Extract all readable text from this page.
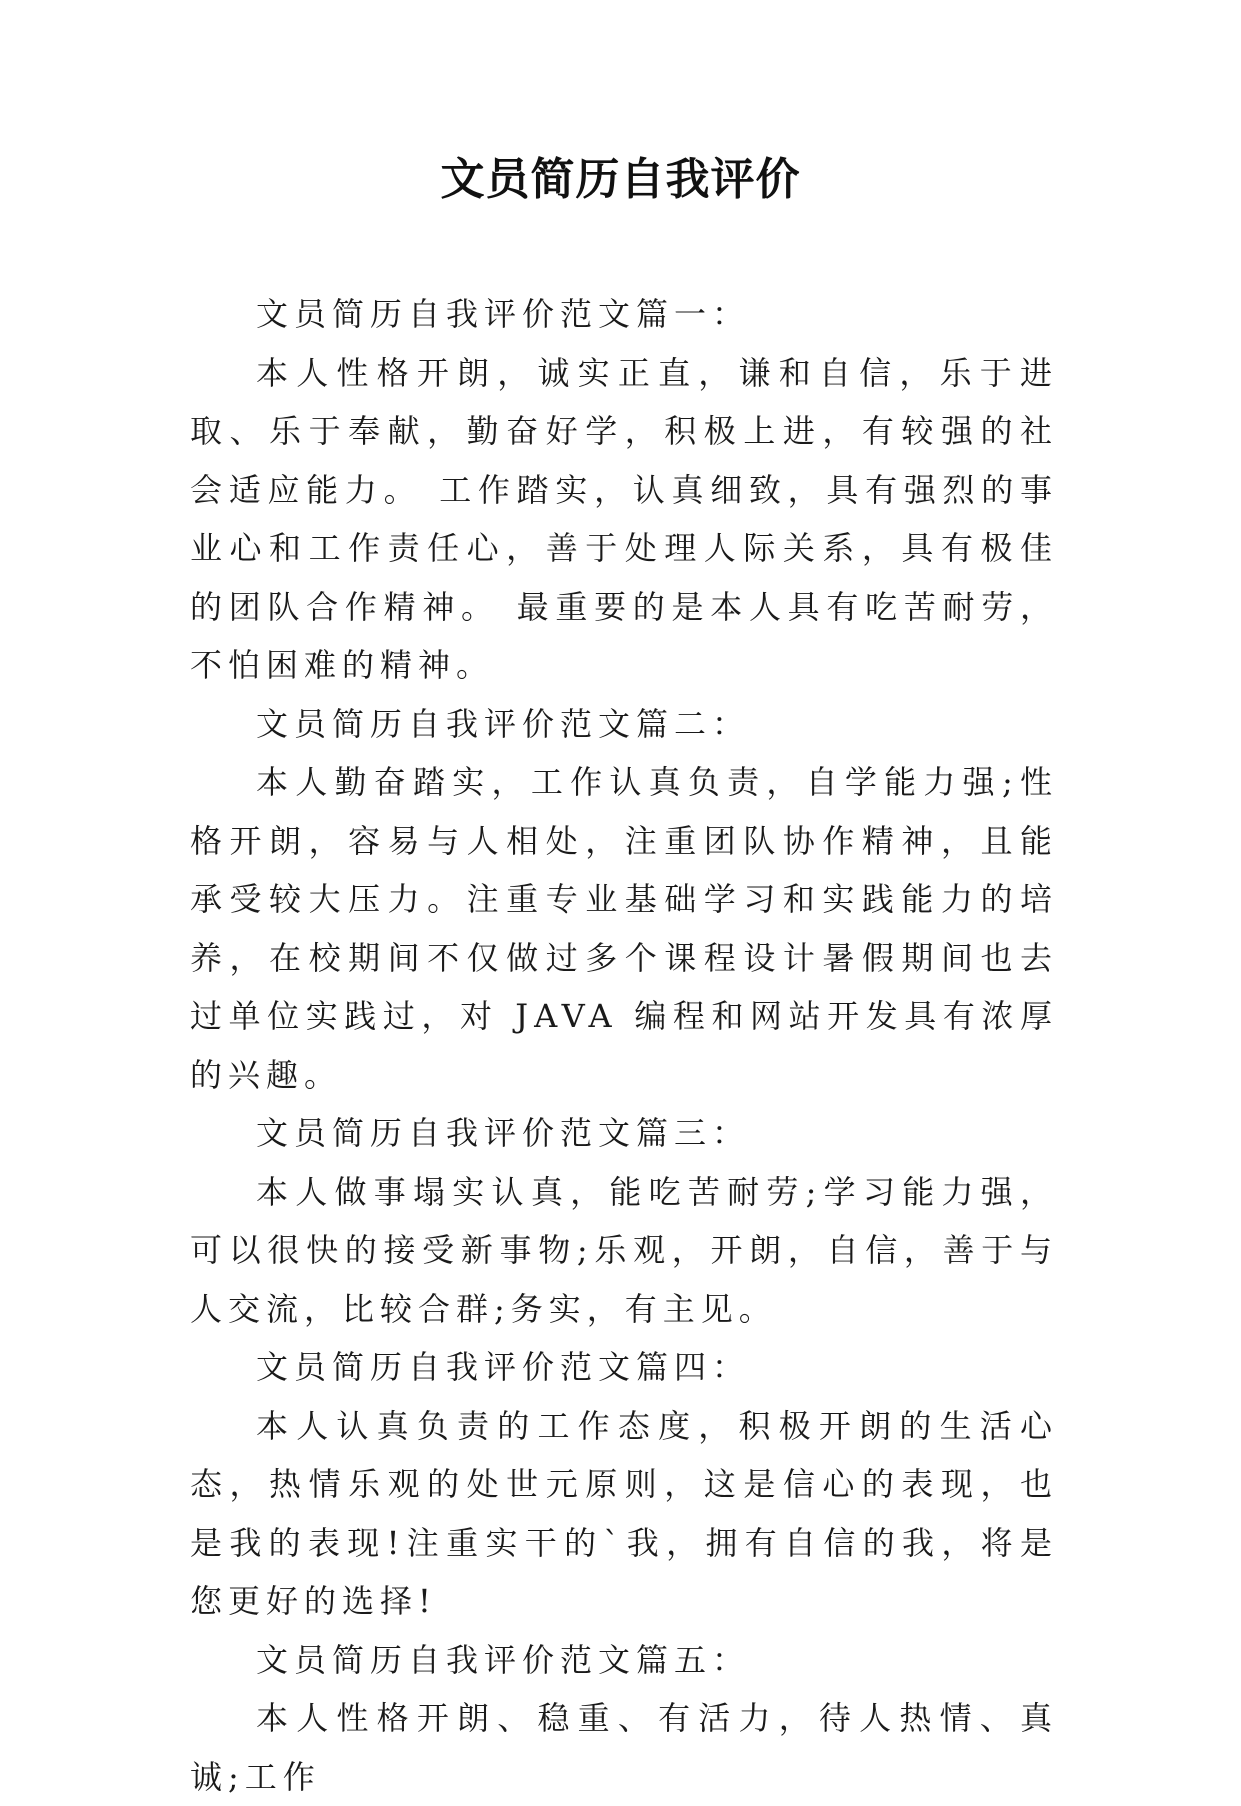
文员简历自我评价

文员简历自我评价范文篇一：

本人性格开朗，诚实正直，谦和自信，乐于进取、乐于奉献，勤奋好学，积极上进，有较强的社会适应能力。 工作踏实，认真细致，具有强烈的事业心和工作责任心，善于处理人际关系，具有极佳的团队合作精神。 最重要的是本人具有吃苦耐劳，不怕困难的精神。

文员简历自我评价范文篇二：

本人勤奋踏实，工作认真负责，自学能力强;性格开朗，容易与人相处，注重团队协作精神，且能承受较大压力。注重专业基础学习和实践能力的培养，在校期间不仅做过多个课程设计暑假期间也去过单位实践过，对 JAVA 编程和网站开发具有浓厚的兴趣。

文员简历自我评价范文篇三：

本人做事塌实认真，能吃苦耐劳;学习能力强，可以很快的接受新事物;乐观，开朗，自信，善于与人交流，比较合群;务实，有主见。

文员简历自我评价范文篇四：

本人认真负责的工作态度，积极开朗的生活心态，热情乐观的处世元原则，这是信心的表现，也是我的表现!注重实干的`我，拥有自信的我，将是您更好的选择!

文员简历自我评价范文篇五：

本人性格开朗、稳重、有活力，待人热情、真诚;工作
